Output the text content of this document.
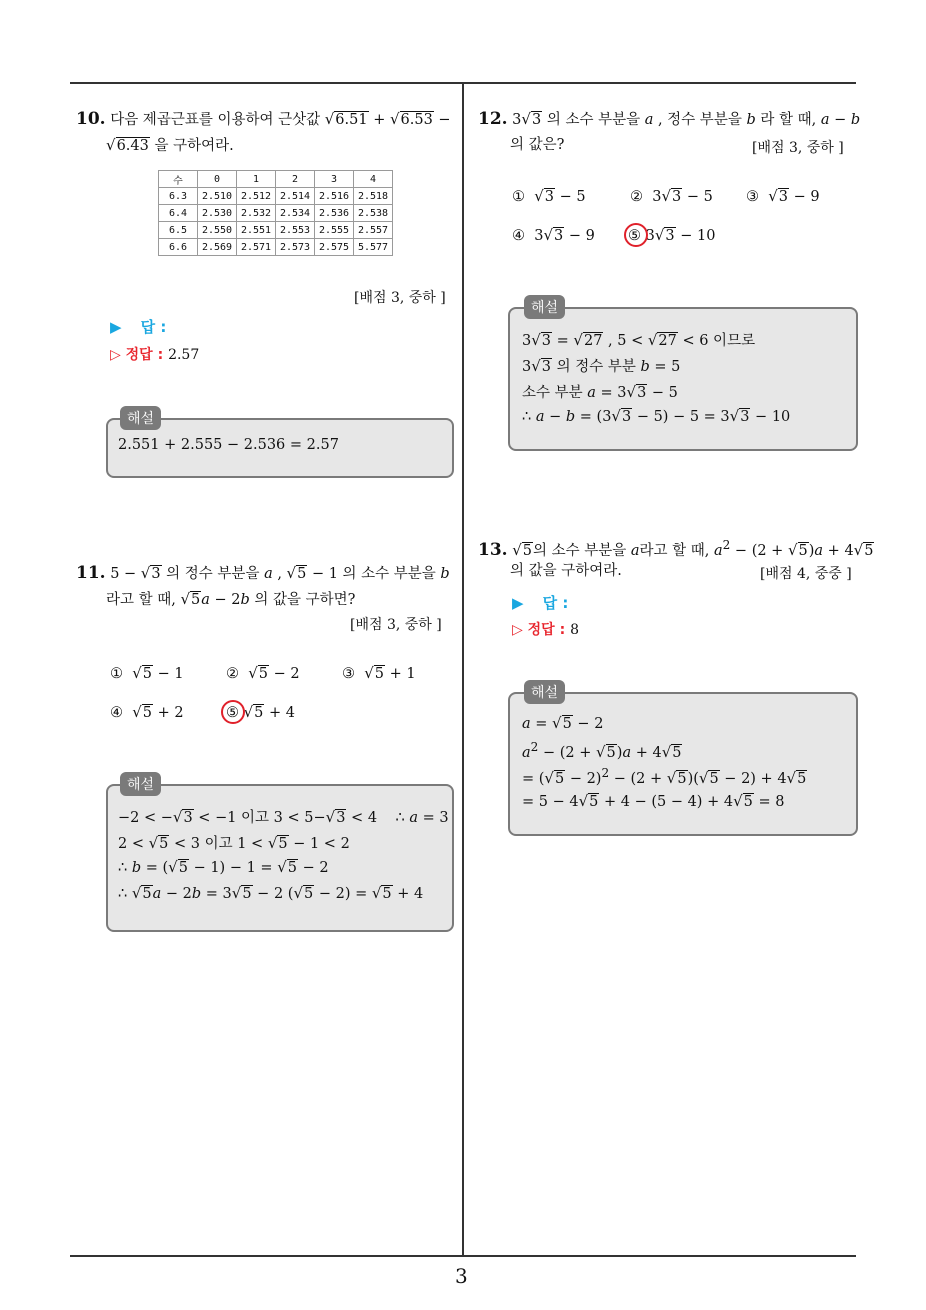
3
10. 다음 제곱근표를 이용하여 근삿값 √6.51 + √6.53 −
√6.43 을 구하여라.
수	0	1	2	3	4
6.3	2.510	2.512	2.514	2.516	2.518
6.4	2.530	2.532	2.534	2.536	2.538
6.5	2.550	2.551	2.553	2.555	2.557
6.6	2.569	2.571	2.573	2.575	5.577
[배점 3, 중하 ]
▶ 답 :
▷ 정답 : 2.57
해설
2.551 + 2.555 − 2.536 = 2.57
11. 5 − √3 의 정수 부분을 a , √5 − 1 의 소수 부분을 b
라고 할 때, √5a − 2b 의 값을 구하면?
[배점 3, 중하 ]
① √5 − 1	② √5 − 2	③ √5 + 1
④ √5 + 2	⑤ √5 + 4
해설
−2 < −√3 < −1 이고 3 < 5−√3 < 4    ∴ a = 3
2 < √5 < 3 이고 1 < √5 − 1 < 2
∴ b = (√5 − 1) − 1 = √5 − 2
∴ √5a − 2b = 3√5 − 2 (√5 − 2) = √5 + 4
12. 3√3 의 소수 부분을 a , 정수 부분을 b 라 할 때, a − b
의 값은?	[배점 3, 중하 ]
① √3 − 5	②  3√3 − 5 ③ √3 − 9
④  3√3 − 9 ⑤ 3√3 − 10
해설
3√3 = √27 , 5 < √27 < 6 이므로
3√3 의 정수 부분 b = 5
소수 부분 a = 3√3 − 5
∴ a − b = (3√3 − 5) − 5 = 3√3 − 10
13. √5의 소수 부분을 a라고 할 때, $a^2 - (2 + √5)a + 4√5$
의 값을 구하여라.	[배점 4, 중중 ]
▶ 답 :
▷ 정답 : 8
해설
a = √5 − 2
$a^2 - (2 + √5)a + 4√5$
= $(√5 - 2)^2 - (2 + √5)(√5 - 2) + 4√5$
= 5 − 4√5 + 4 − (5 − 4) + 4√5 = 8
